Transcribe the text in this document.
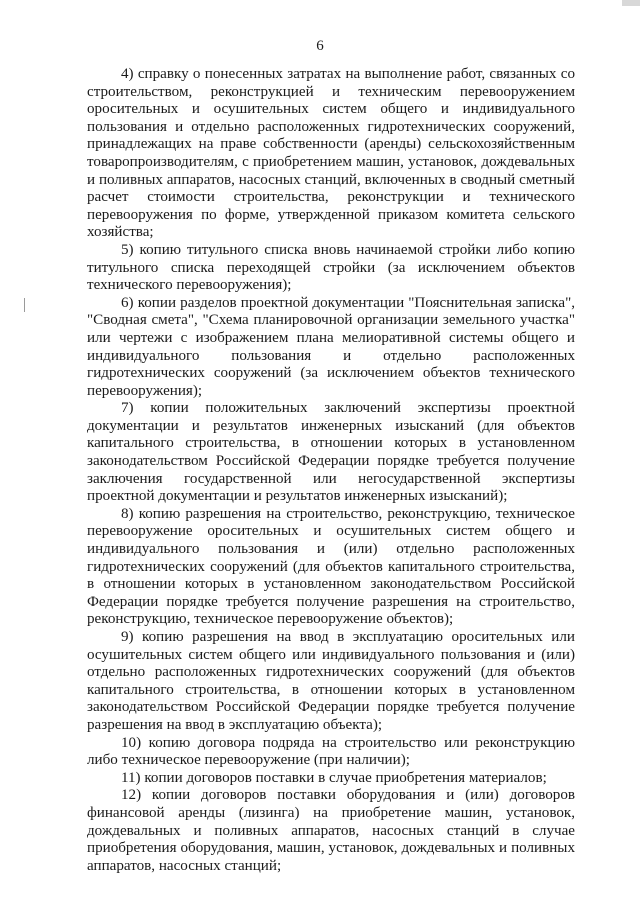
6

4) справку о понесенных затратах на выполнение работ, связанных со строительством, реконструкцией и техническим перевооружением оросительных и осушительных систем общего и индивидуального пользования и отдельно расположенных гидротехнических сооружений, принадлежащих на праве собственности (аренды) сельскохозяйственным товаропроизводителям, с приобретением машин, установок, дождевальных и поливных аппаратов, насосных станций, включенных в сводный сметный расчет стоимости строительства, реконструкции и технического перевооружения по форме, утвержденной приказом комитета сельского хозяйства;

5) копию титульного списка вновь начинаемой стройки либо копию титульного списка переходящей стройки (за исключением объектов технического перевооружения);

6) копии разделов проектной документации "Пояснительная записка", "Сводная смета", "Схема планировочной организации земельного участка" или чертежи с изображением плана мелиоративной системы общего и индивидуального пользования и отдельно расположенных гидротехнических сооружений (за исключением объектов технического перевооружения);

7) копии положительных заключений экспертизы проектной документации и результатов инженерных изысканий (для объектов капитального строительства, в отношении которых в установленном законодательством Российской Федерации порядке требуется получение заключения государственной или негосударственной экспертизы проектной документации и результатов инженерных изысканий);

8) копию разрешения на строительство, реконструкцию, техническое перевооружение оросительных и осушительных систем общего и индивидуального пользования и (или) отдельно расположенных гидротехнических сооружений (для объектов капитального строительства, в отношении которых в установленном законодательством Российской Федерации порядке требуется получение разрешения на строительство, реконструкцию, техническое перевооружение объектов);

9) копию разрешения на ввод в эксплуатацию оросительных или осушительных систем общего или индивидуального пользования и (или) отдельно расположенных гидротехнических сооружений (для объектов капитального строительства, в отношении которых в установленном законодательством Российской Федерации порядке требуется получение разрешения на ввод в эксплуатацию объекта);

10) копию договора подряда на строительство или реконструкцию либо техническое перевооружение (при наличии);

11) копии договоров поставки в случае приобретения материалов;

12) копии договоров поставки оборудования и (или) договоров финансовой аренды (лизинга) на приобретение машин, установок, дождевальных и поливных аппаратов, насосных станций в случае приобретения оборудования, машин, установок, дождевальных и поливных аппаратов, насосных станций;
